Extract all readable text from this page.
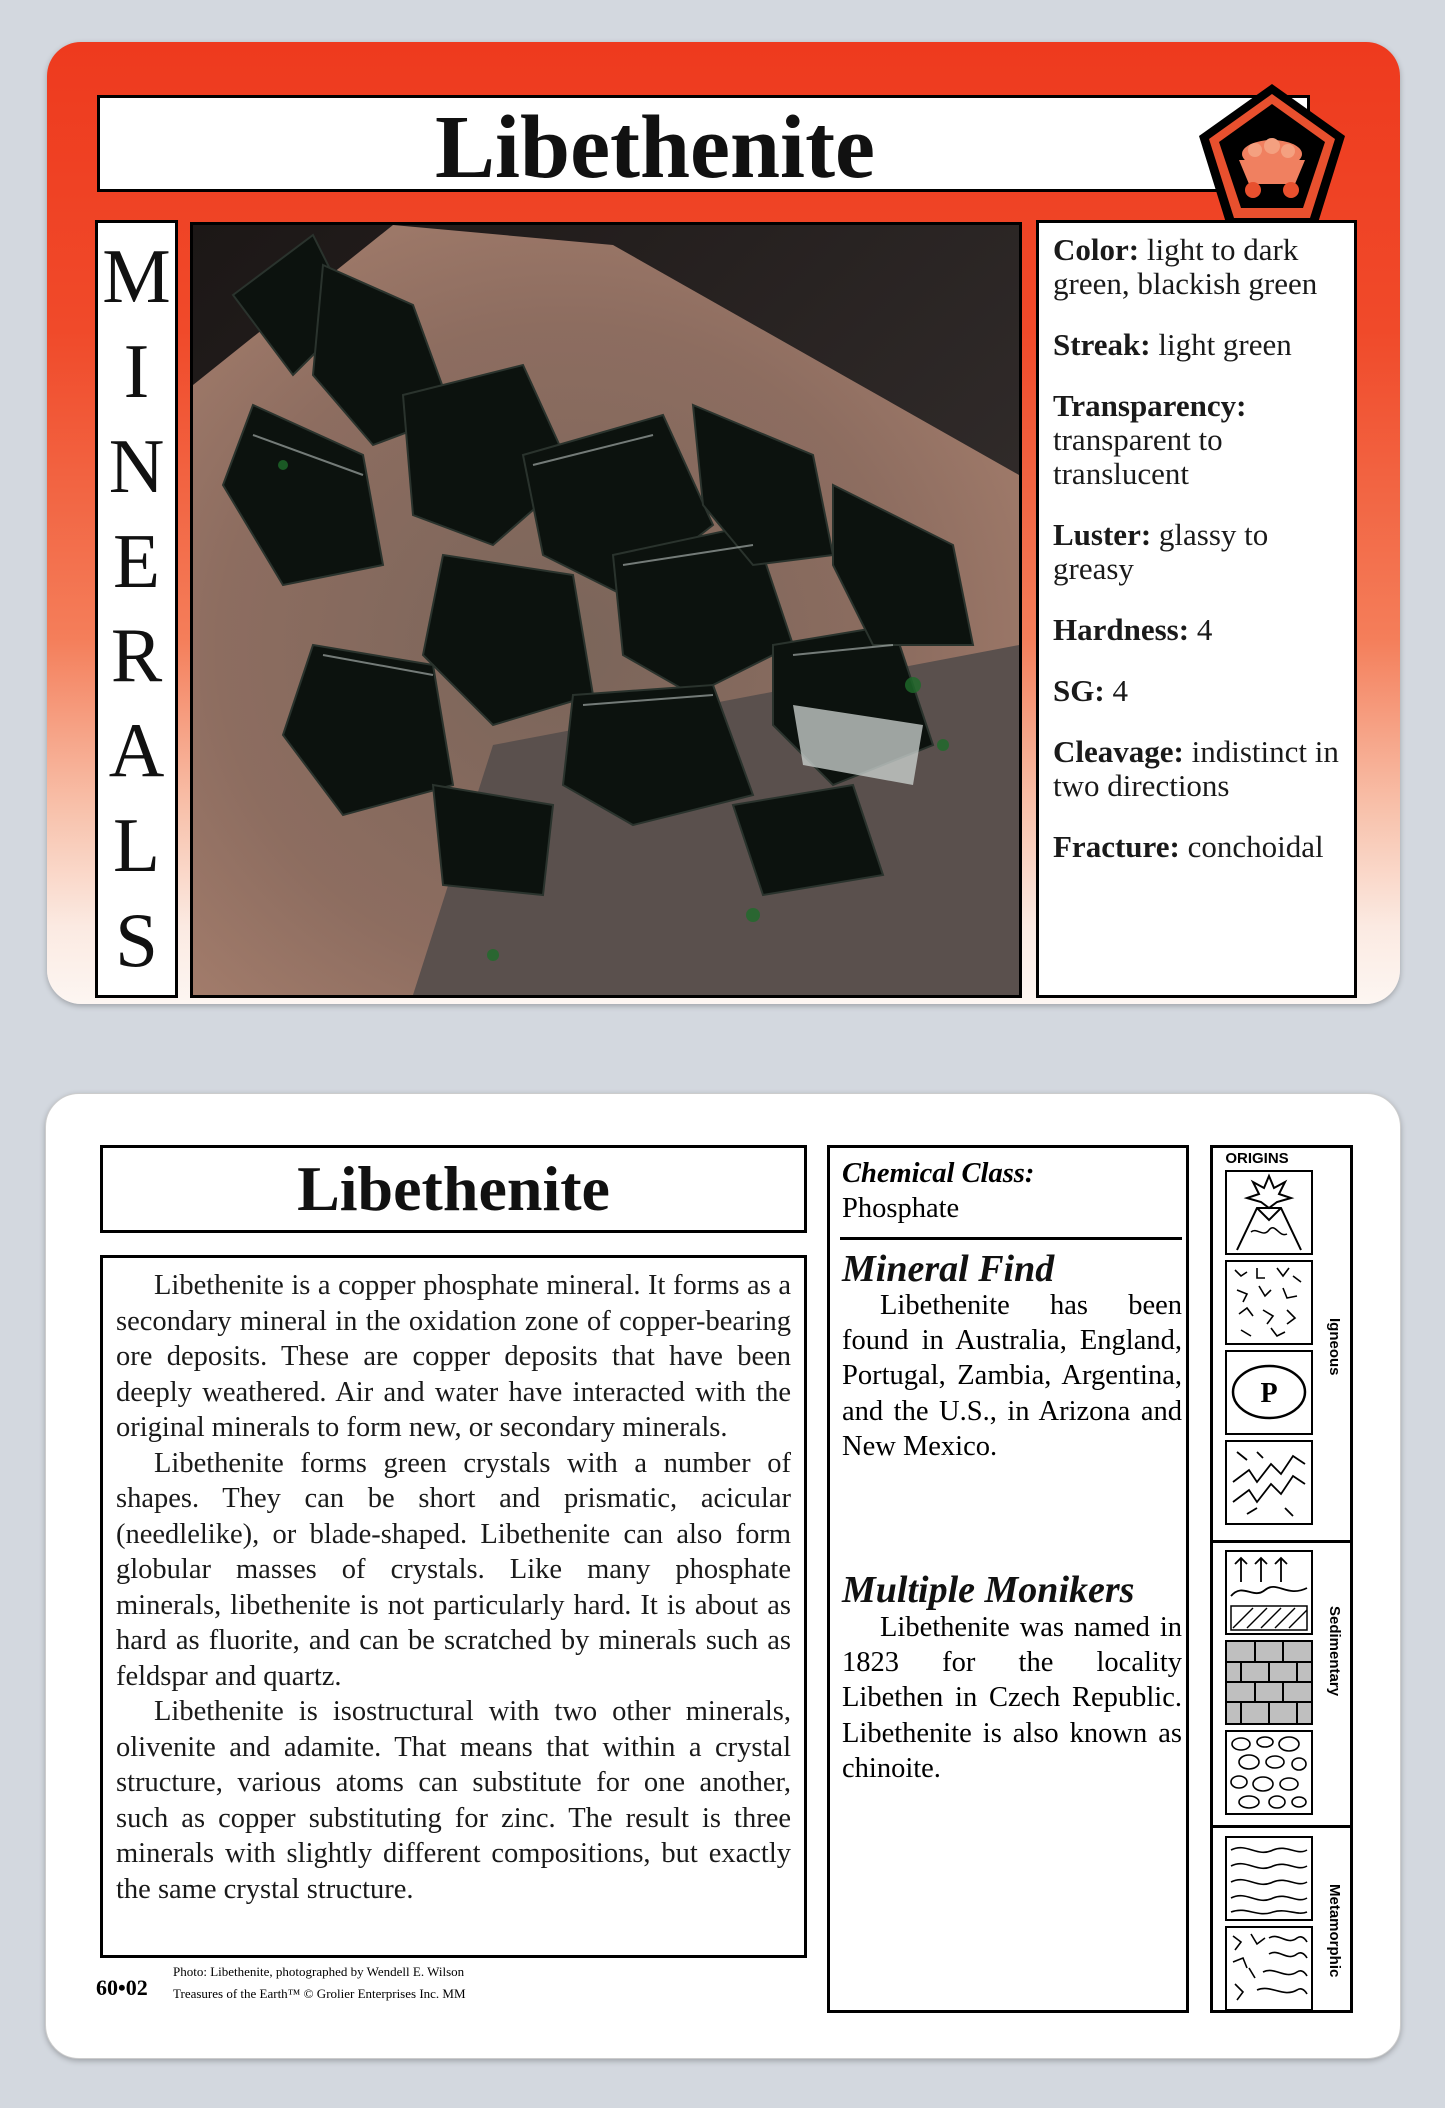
Libethenite
M
I
N
E
R
A
L
S
Color: light to dark green, blackish green
Streak: light green
Transparency: transparent to translucent
Luster: glassy to greasy
Hardness: 4
SG: 4
Cleavage: indistinct in two directions
Fracture: conchoidal
Libethenite

Libethenite is a copper phosphate mineral. It forms as a secondary mineral in the oxidation zone of copper-bearing ore deposits. These are copper deposits that have been deeply weathered. Air and water have interacted with the original minerals to form new, or secondary minerals.

Libethenite forms green crystals with a number of shapes. They can be short and prismatic, acicular (needlelike), or blade-shaped. Libethenite can also form globular masses of crystals. Like many phosphate minerals, libethenite is not particularly hard. It is about as hard as fluorite, and can be scratched by minerals such as feldspar and quartz.

Libethenite is isostructural with two other minerals, olivenite and adamite. That means that within a crystal structure, various atoms can substitute for one another, such as copper substituting for zinc. The result is three minerals with slightly different compositions, but exactly the same crystal structure.

60•02
Photo: Libethenite, photographed by Wendell E. Wilson
Treasures of the Earth™ © Grolier Enterprises Inc. MM
Chemical Class:
Phosphate
Mineral Find
Libethenite has been found in Australia, England, Portugal, Zambia, Argentina, and the U.S., in Arizona and New Mexico.
Multiple Monikers
Libethenite was named in 1823 for the locality Libethen in Czech Republic. Libethenite is also known as chinoite.
ORIGINS
P
Igneous
Sedimentary
Metamorphic
